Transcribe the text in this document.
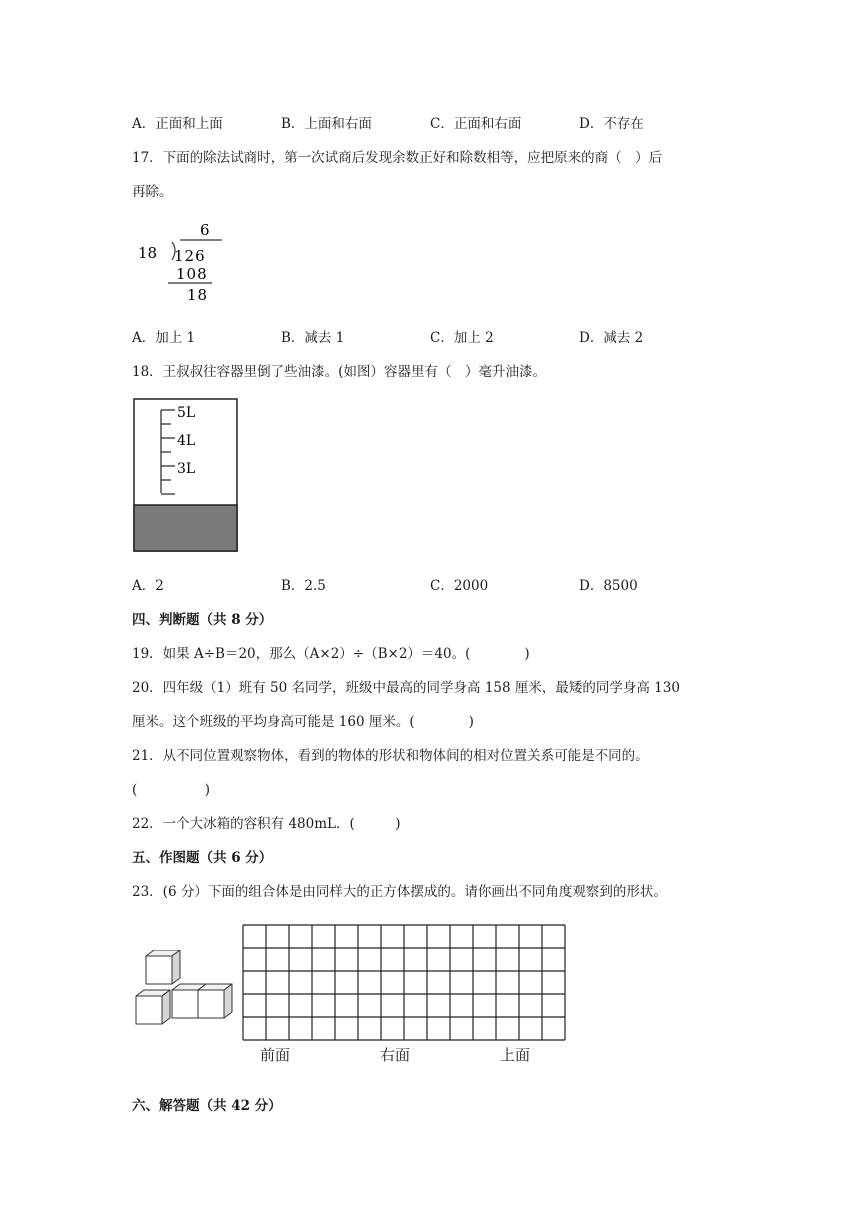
A．正面和上面	B．上面和右面	C．正面和右面	D．不存在
17．下面的除法试商时，第一次试商后发现余数正好和除数相等，应把原来的商（　）后
再除。
6
18 126
108
18
A．加上 1	B．减去 1	C．加上 2	D．减去 2
18．王叔叔往容器里倒了些油漆。(如图）容器里有（　）毫升油漆。
5L
4L
3L
A．2	B．2.5	C．2000	D．8500
四、判断题（共 8 分）
19．如果 A÷B＝20，那么（A×2）÷（B×2）＝40。(　　　　)
20．四年级（1）班有 50 名同学，班级中最高的同学身高 158 厘米，最矮的同学身高 130
厘米。这个班级的平均身高可能是 160 厘米。(　　　　)
21．从不同位置观察物体，看到的物体的形状和物体间的相对位置关系可能是不同的。
(　　　　　)
22．一个大冰箱的容积有 480mL．(　　　)
五、作图题（共 6 分）
23．(6 分）下面的组合体是由同样大的正方体摆成的。请你画出不同角度观察到的形状。
前面	右面	上面
六、解答题（共 42 分）
